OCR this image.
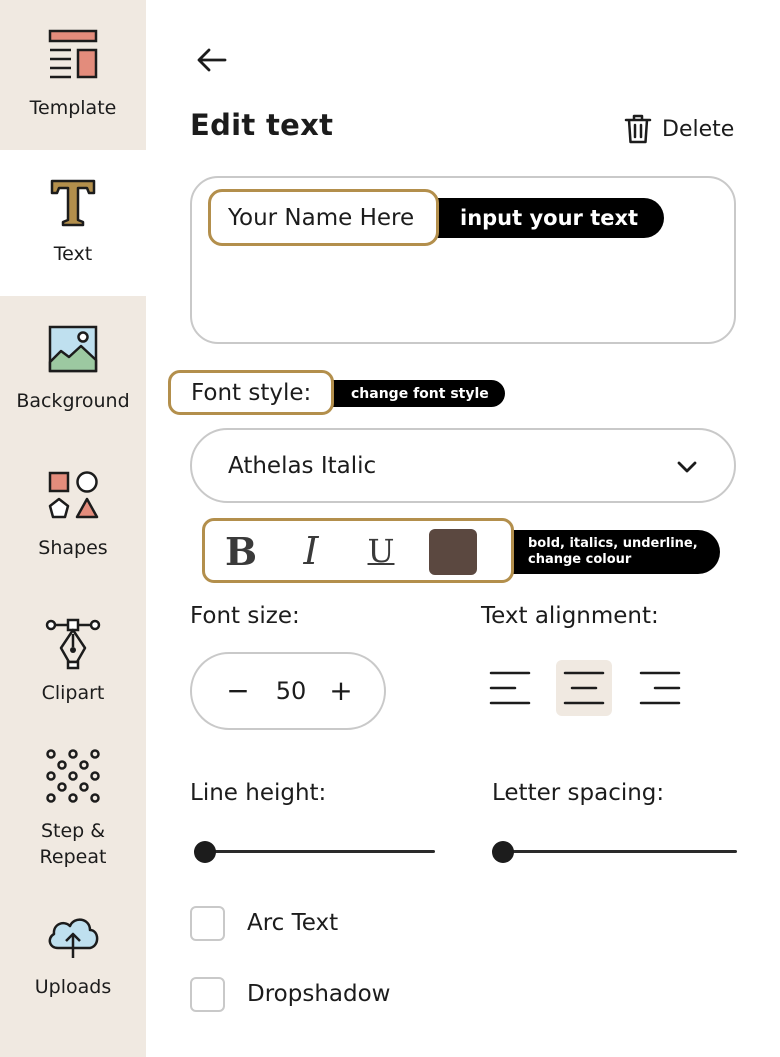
Template
Text
Background
Shapes
Clipart
Step &
Repeat
Uploads
Edit text	Delete
Your Name Here	input your text
Font style:	change font style
Athelas Italic
B	I	U	bold, italics, underline,
change colour
Font size:
−	50 +
Text alignment:
Line height:	Letter spacing:
Arc Text
Dropshadow
